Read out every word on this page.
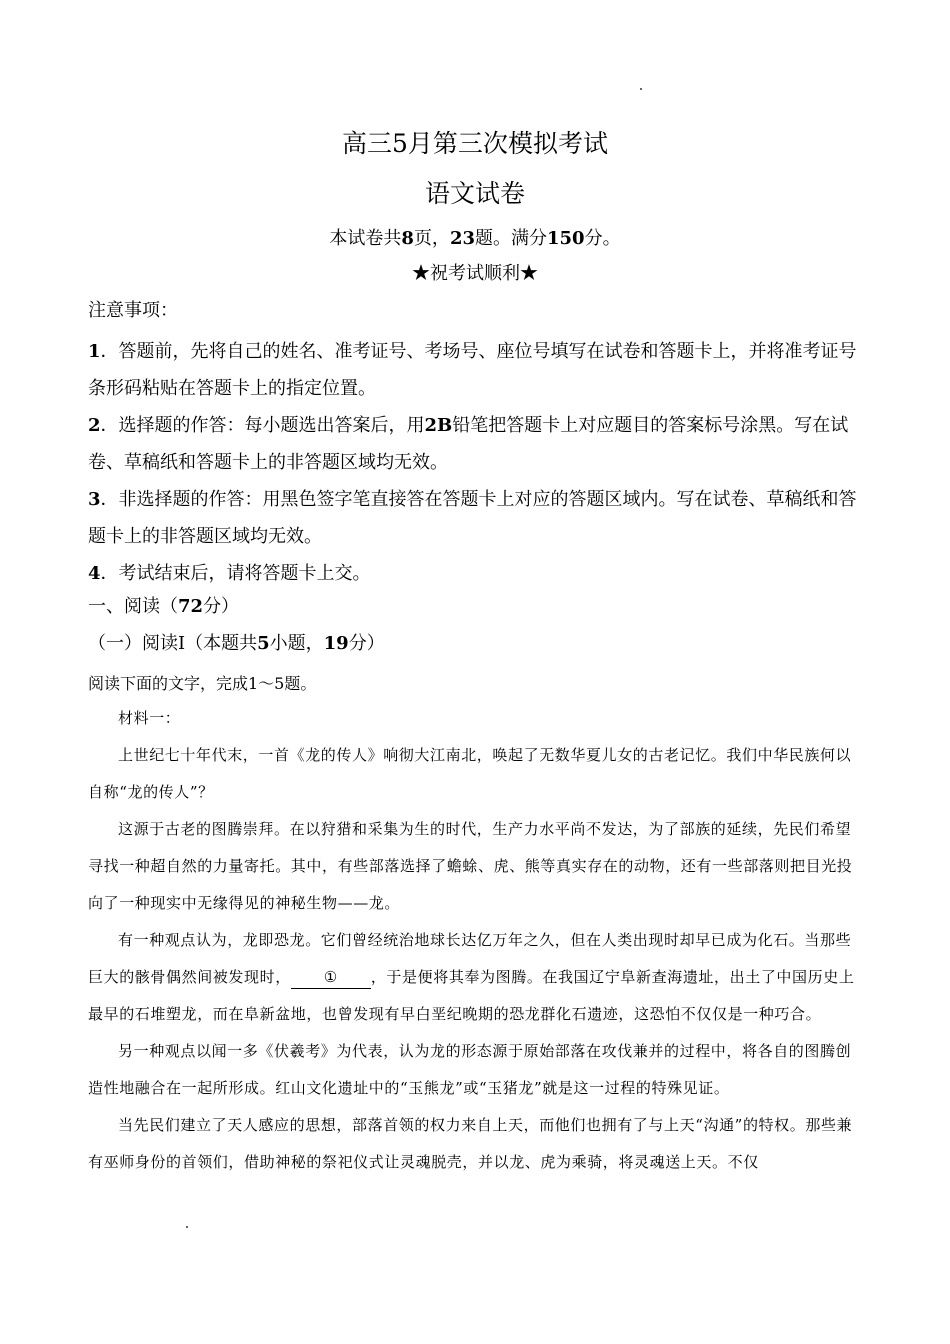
高三5月第三次模拟考试
语文试卷
本试卷共8页，23题。满分150分。
★祝考试顺利★
注意事项：

1．答题前，先将自己的姓名、准考证号、考场号、座位号填写在试卷和答题卡上，并将准考证号条形码粘贴在答题卡上的指定位置。

2．选择题的作答：每小题选出答案后，用2B铅笔把答题卡上对应题目的答案标号涂黑。写在试卷、草稿纸和答题卡上的非答题区域均无效。

3．非选择题的作答：用黑色签字笔直接答在答题卡上对应的答题区域内。写在试卷、草稿纸和答题卡上的非答题区域均无效。

4．考试结束后，请将答题卡上交。

一、阅读（72分）
（一）阅读Ⅰ（本题共5小题，19分）
阅读下面的文字，完成1～5题。

材料一：

上世纪七十年代末，一首《龙的传人》响彻大江南北，唤起了无数华夏儿女的古老记忆。我们中华民族何以自称“龙的传人”？

这源于古老的图腾崇拜。在以狩猎和采集为生的时代，生产力水平尚不发达，为了部族的延续，先民们希望寻找一种超自然的力量寄托。其中，有些部落选择了蟾蜍、虎、熊等真实存在的动物，还有一些部落则把目光投向了一种现实中无缘得见的神秘生物——龙。

有一种观点认为，龙即恐龙。它们曾经统治地球长达亿万年之久，但在人类出现时却早已成为化石。当那些巨大的骸骨偶然间被发现时， ① ，于是便将其奉为图腾。在我国辽宁阜新查海遗址，出土了中国历史上最早的石堆塑龙，而在阜新盆地，也曾发现有早白垩纪晚期的恐龙群化石遗迹，这恐怕不仅仅是一种巧合。

另一种观点以闻一多《伏羲考》为代表，认为龙的形态源于原始部落在攻伐兼并的过程中，将各自的图腾创造性地融合在一起所形成。红山文化遗址中的“玉熊龙”或“玉猪龙”就是这一过程的特殊见证。

当先民们建立了天人感应的思想，部落首领的权力来自上天，而他们也拥有了与上天“沟通”的特权。那些兼有巫师身份的首领们，借助神秘的祭祀仪式让灵魂脱壳，并以龙、虎为乘骑，将灵魂送上天。不仅
